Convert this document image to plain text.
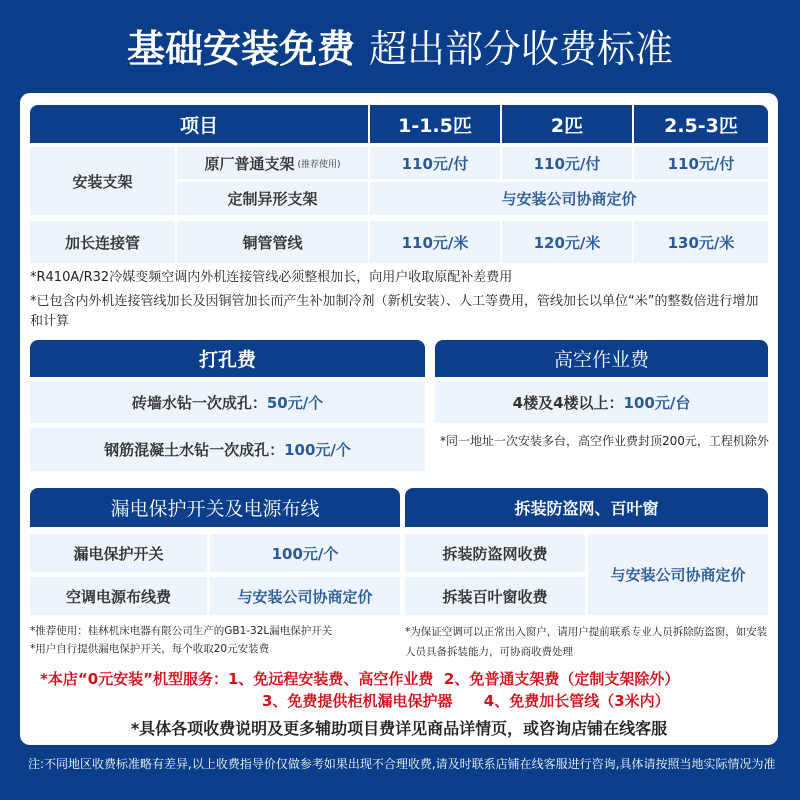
基础安装免费 超出部分收费标准
项目	1-1.5匹	2匹	2.5-3匹
安装支架
原厂普通支架 (推荐使用)	110元/付	110元/付	110元/付
定制异形支架	与安装公司协商定价
加长连接管	铜管管线	110元/米	120元/米	130元/米
*R410A/R32冷媒变频空调内外机连接管线必须整根加长，向用户收取原配补差费用
*已包含内外机连接管线加长及因铜管加长而产生补加制冷剂（新机安装）、人工等费用，管线加长以单位“米”的整数倍进行增加和计算
打孔费	高空作业费
砖墙水钻一次成孔： 50元/个	4楼及4楼以上： 100元/台
钢筋混凝土水钻一次成孔： 100元/个	*同一地址一次安装多台，高空作业费封顶200元，工程机除外
漏电保护开关及电源布线	拆装防盗网、百叶窗
漏电保护开关	100元/个
空调电源布线费	与安装公司协商定价
拆装防盗网收费
拆装百叶窗收费
与安装公司协商定价
*推荐使用：桂林机床电器有限公司生产的GB1-32L漏电保护开关
*用户自行提供漏电保护开关，每个收取20元安装费
*为保证空调可以正常出入窗户，请用户提前联系专业人员拆除防盗窗，如安装人员具备拆装能力，可协商收费处理
*本店“0元安装”机型服务：1、免远程安装费、高空作业费  2、免普通支架费（定制支架除外）
3、免费提供柜机漏电保护器      4、免费加长管线（3米内）
*具体各项收费说明及更多辅助项目费详见商品详情页，或咨询店铺在线客服
注:不同地区收费标准略有差异,以上收费指导价仅做参考如果出现不合理收费,请及时联系店铺在线客服进行咨询,具体请按照当地实际情况为准
